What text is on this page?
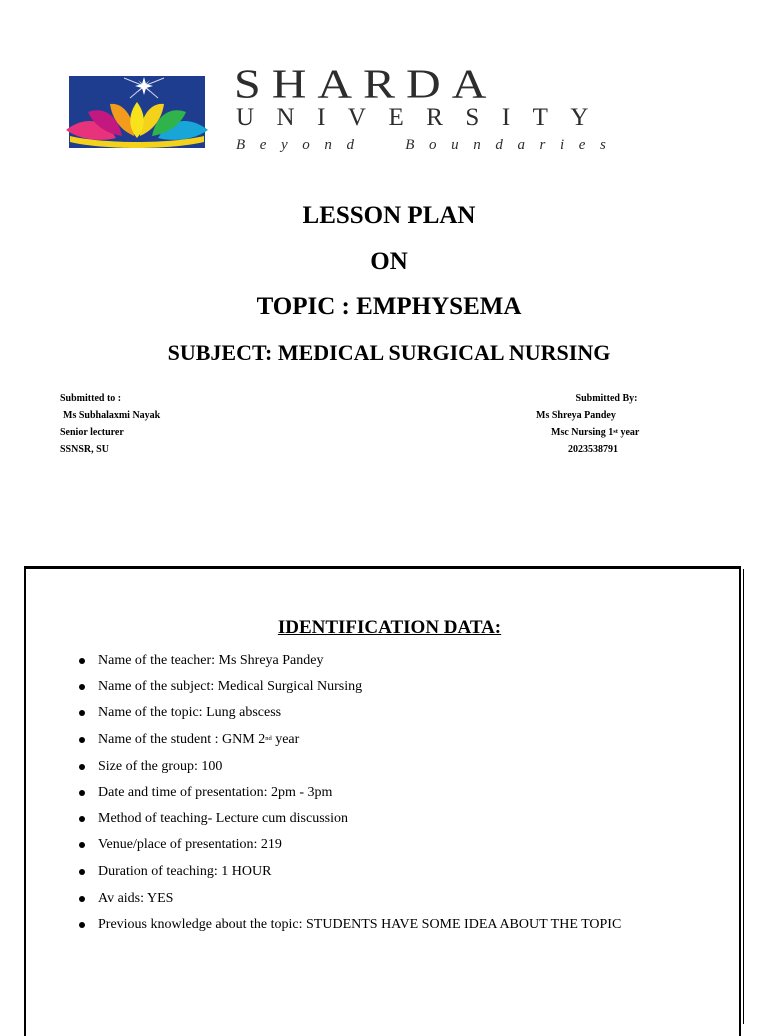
SHARDA
UNIVERSITY
Beyond  Boundaries
LESSON PLAN
ON
TOPIC : EMPHYSEMA
SUBJECT: MEDICAL SURGICAL NURSING
Submitted to :
Ms Subhalaxmi Nayak
Senior lecturer
SSNSR, SU
Submitted By:
Ms Shreya Pandey
Msc Nursing 1st year
2023538791
IDENTIFICATION DATA:
Name of the teacher: Ms Shreya Pandey
Name of the subject: Medical Surgical Nursing
Name of the topic: Lung abscess
Name of the student : GNM 2nd year
Size of the group: 100
Date and time of presentation: 2pm - 3pm
Method of teaching- Lecture cum discussion
Venue/place of presentation: 219
Duration of teaching: 1 HOUR
Av aids: YES
Previous knowledge about the topic: STUDENTS HAVE SOME IDEA ABOUT THE TOPIC
